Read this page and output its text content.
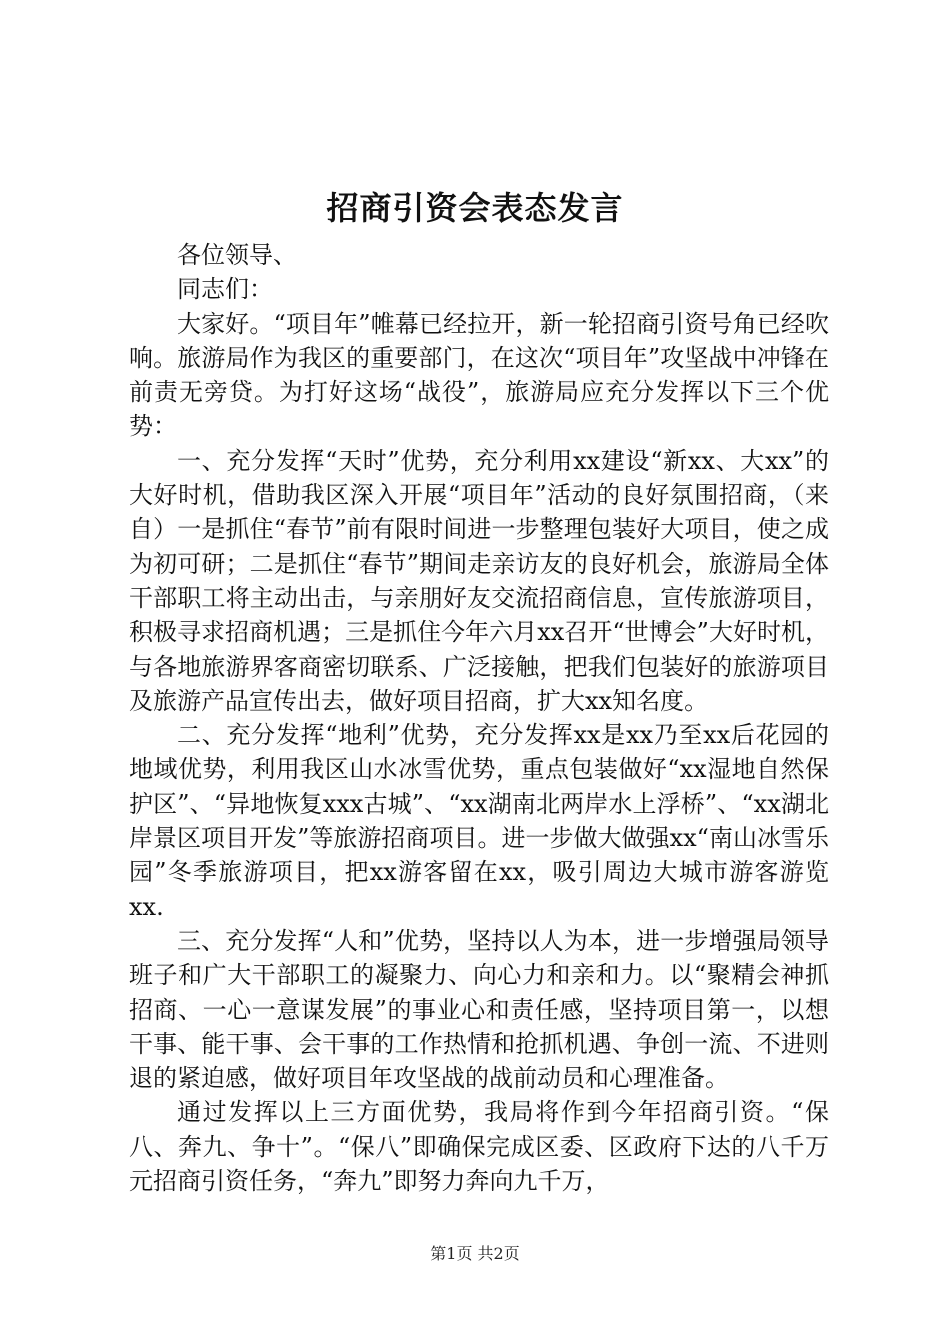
招商引资会表态发言

各位领导、

同志们：

大家好。“项目年”帷幕已经拉开，新一轮招商引资号角已经吹响。旅游局作为我区的重要部门，在这次“项目年”攻坚战中冲锋在前责无旁贷。为打好这场“战役”，旅游局应充分发挥以下三个优势：

一、充分发挥“天时”优势，充分利用xx建设“新xx、大xx”的大好时机，借助我区深入开展“项目年”活动的良好氛围招商，（来自）一是抓住“春节”前有限时间进一步整理包装好大项目，使之成为初可研；二是抓住“春节”期间走亲访友的良好机会，旅游局全体干部职工将主动出击，与亲朋好友交流招商信息，宣传旅游项目，积极寻求招商机遇；三是抓住今年六月xx召开“世博会”大好时机，与各地旅游界客商密切联系、广泛接触，把我们包装好的旅游项目及旅游产品宣传出去，做好项目招商，扩大xx知名度。

二、充分发挥“地利”优势，充分发挥xx是xx乃至xx后花园的地域优势，利用我区山水冰雪优势，重点包装做好“xx湿地自然保护区”、“异地恢复xxx古城”、“xx湖南北两岸水上浮桥”、“xx湖北岸景区项目开发”等旅游招商项目。进一步做大做强xx“南山冰雪乐园”冬季旅游项目，把xx游客留在xx，吸引周边大城市游客游览xx.

三、充分发挥“人和”优势，坚持以人为本，进一步增强局领导班子和广大干部职工的凝聚力、向心力和亲和力。以“聚精会神抓招商、一心一意谋发展”的事业心和责任感，坚持项目第一，以想干事、能干事、会干事的工作热情和抢抓机遇、争创一流、不进则退的紧迫感，做好项目年攻坚战的战前动员和心理准备。

通过发挥以上三方面优势，我局将作到今年招商引资。“保八、奔九、争十”。“保八”即确保完成区委、区政府下达的八千万元招商引资任务，“奔九”即努力奔向九千万，

第1页 共2页
